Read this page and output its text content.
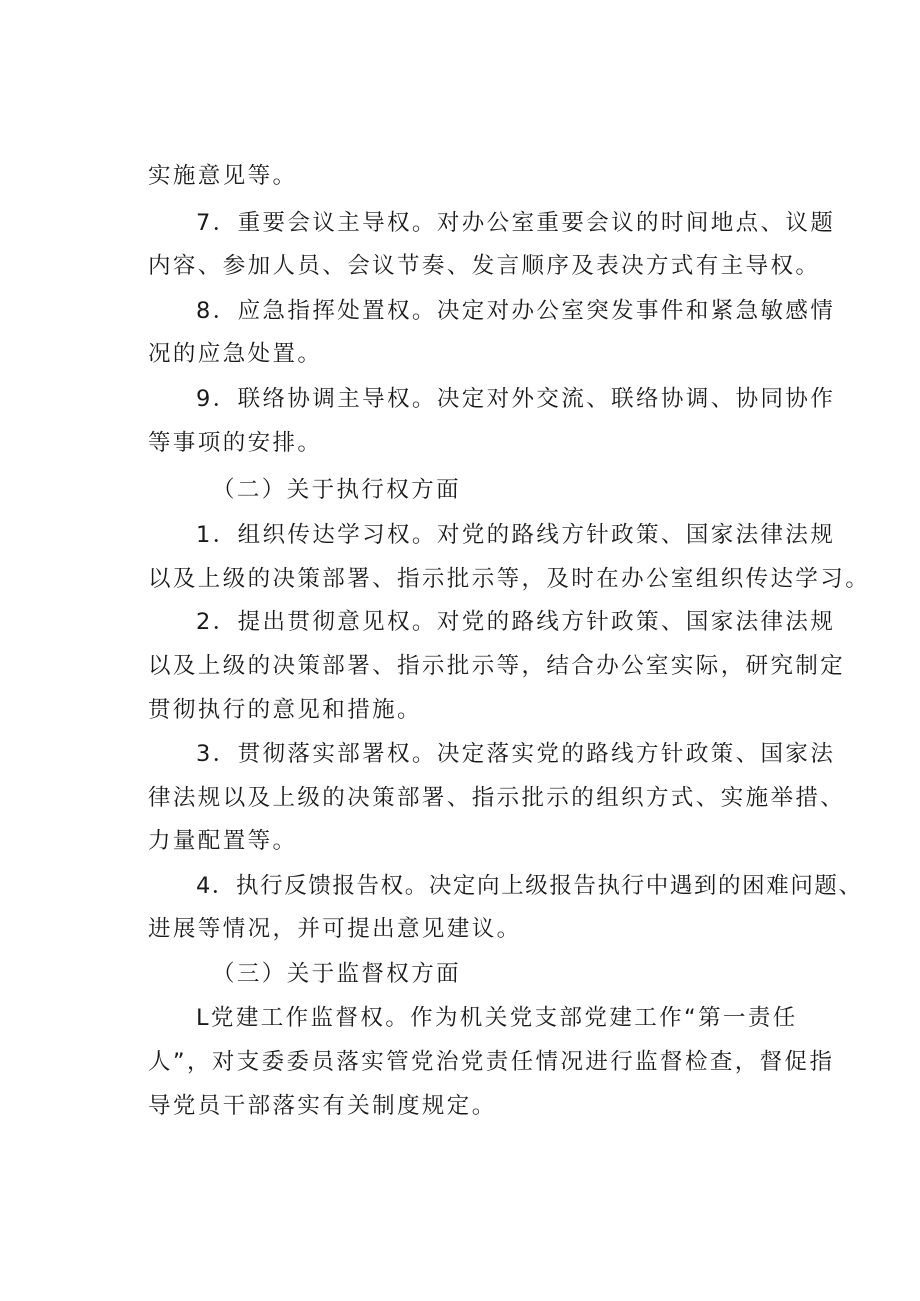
实施意见等。
7．重要会议主导权。对办公室重要会议的时间地点、议题
内容、参加人员、会议节奏、发言顺序及表决方式有主导权。
8．应急指挥处置权。决定对办公室突发事件和紧急敏感情
况的应急处置。
9．联络协调主导权。决定对外交流、联络协调、协同协作
等事项的安排。
（二）关于执行权方面
1．组织传达学习权。对党的路线方针政策、国家法律法规
以及上级的决策部署、指示批示等，及时在办公室组织传达学习。
2．提出贯彻意见权。对党的路线方针政策、国家法律法规
以及上级的决策部署、指示批示等，结合办公室实际，研究制定
贯彻执行的意见和措施。
3．贯彻落实部署权。决定落实党的路线方针政策、国家法
律法规以及上级的决策部署、指示批示的组织方式、实施举措、
力量配置等。
4．执行反馈报告权。决定向上级报告执行中遇到的困难问题、
进展等情况，并可提出意见建议。
（三）关于监督权方面
L党建工作监督权。作为机关党支部党建工作“第一责任
人”，对支委委员落实管党治党责任情况进行监督检查，督促指
导党员干部落实有关制度规定。
